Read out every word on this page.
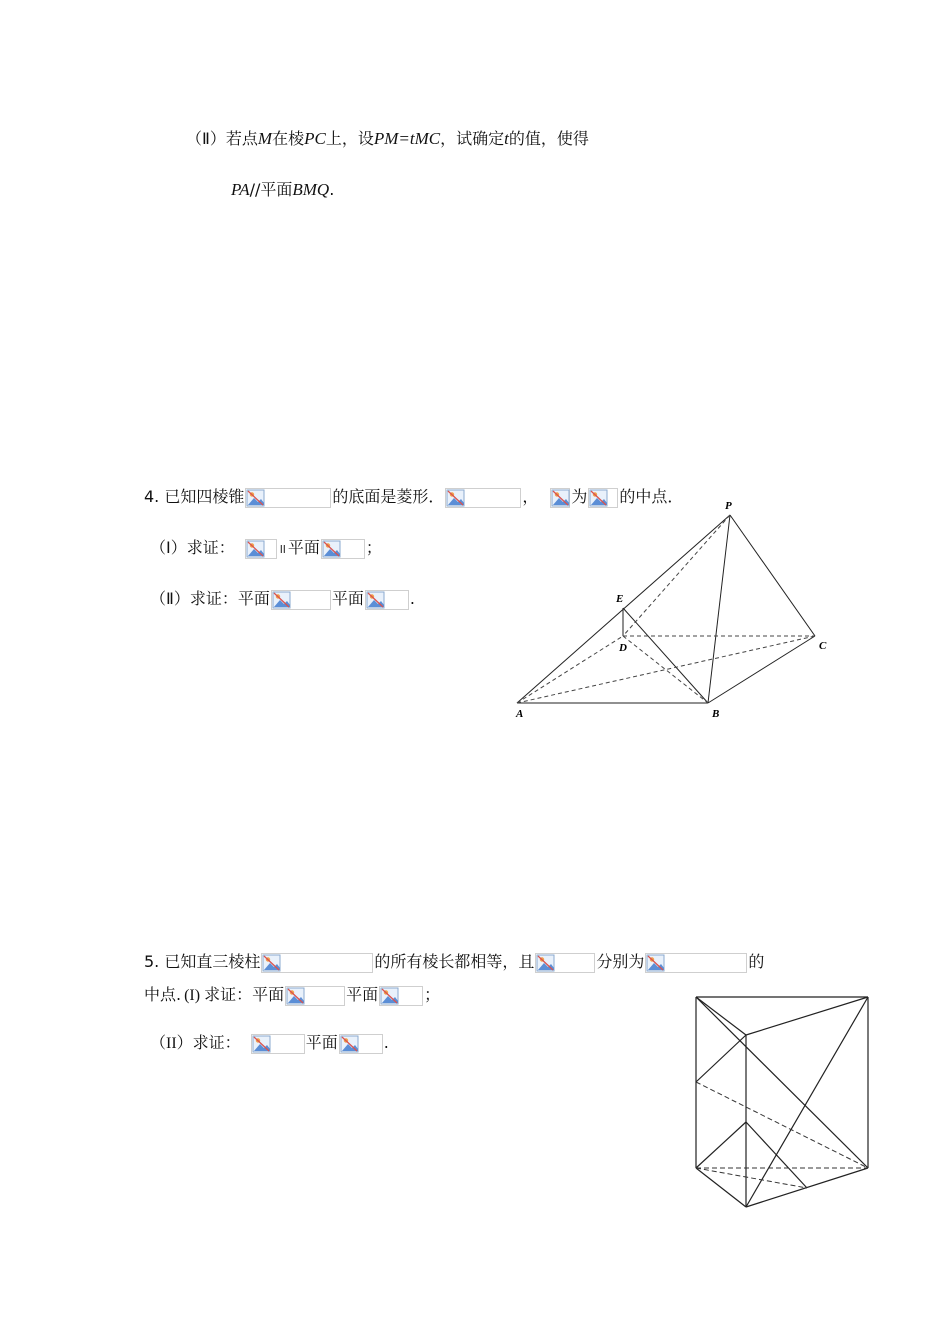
（Ⅱ）若点M在棱PC上，设PM=tMC，试确定t的值，使得
PA//平面BMQ.
4. 已知四棱锥	的底面是菱形．	， 为 的中点．
（Ⅰ）求证：	ll 平面	；
（Ⅱ）求证：平面	平面	.
P
E
D	C
A	B
5. 已知直三棱柱	的所有棱长都相等，且	分别为	的
中点. (I) 求证：平面	平面	；
（II）求证：	平面	.
